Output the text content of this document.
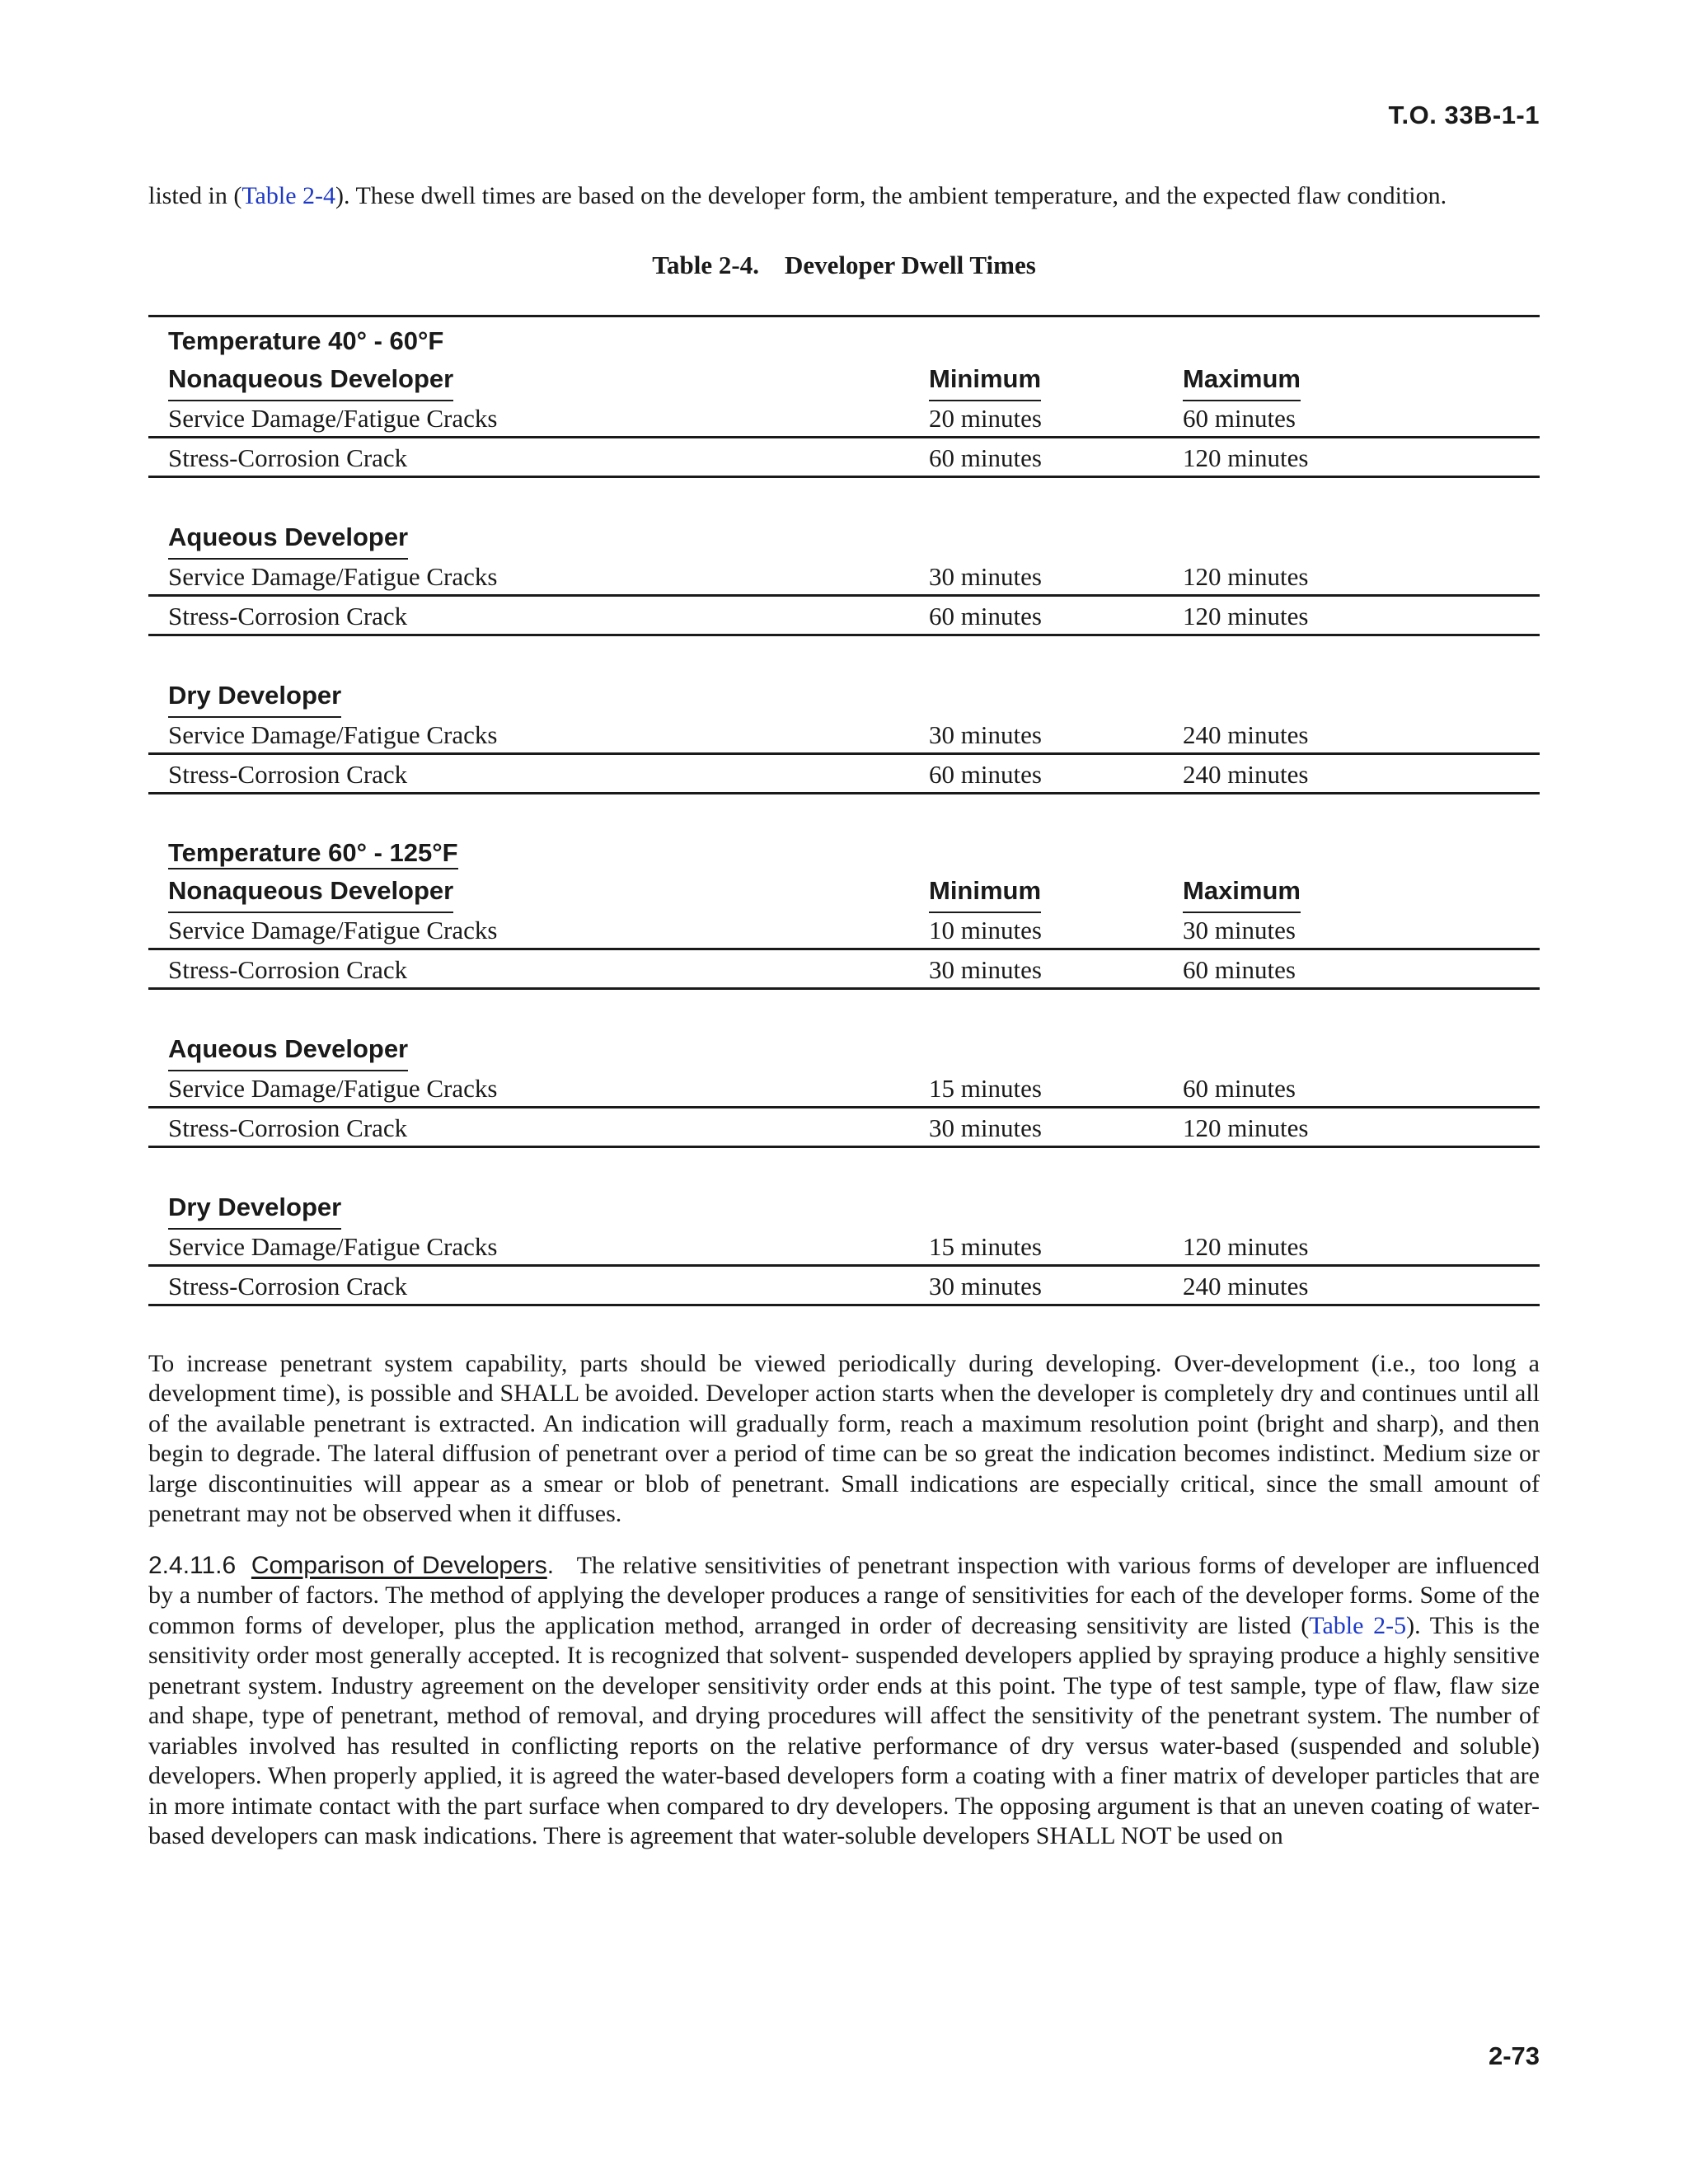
T.O. 33B-1-1

listed in (Table 2-4). These dwell times are based on the developer form, the ambient temperature, and the expected flaw condition.

Table 2-4.    Developer Dwell Times
Temperature 40° - 60°F
Nonaqueous Developer	Minimum	Maximum
Service Damage/Fatigue Cracks	20 minutes	60 minutes
Stress-Corrosion Crack	60 minutes	120 minutes
Aqueous Developer
Service Damage/Fatigue Cracks	30 minutes	120 minutes
Stress-Corrosion Crack	60 minutes	120 minutes
Dry Developer
Service Damage/Fatigue Cracks	30 minutes	240 minutes
Stress-Corrosion Crack	60 minutes	240 minutes
Temperature 60° - 125°F
Nonaqueous Developer	Minimum	Maximum
Service Damage/Fatigue Cracks	10 minutes	30 minutes
Stress-Corrosion Crack	30 minutes	60 minutes
Aqueous Developer
Service Damage/Fatigue Cracks	15 minutes	60 minutes
Stress-Corrosion Crack	30 minutes	120 minutes
Dry Developer
Service Damage/Fatigue Cracks	15 minutes	120 minutes
Stress-Corrosion Crack	30 minutes	240 minutes

To increase penetrant system capability, parts should be viewed periodically during developing. Over-development (i.e., too long a development time), is possible and SHALL be avoided. Developer action starts when the developer is completely dry and continues until all of the available penetrant is extracted. An indication will gradually form, reach a maximum resolution point (bright and sharp), and then begin to degrade. The lateral diffusion of penetrant over a period of time can be so great the indication becomes indistinct. Medium size or large discontinuities will appear as a smear or blob of penetrant. Small indications are especially critical, since the small amount of penetrant may not be observed when it diffuses.

2.4.11.6 Comparison of Developers. The relative sensitivities of penetrant inspection with various forms of developer are influenced by a number of factors. The method of applying the developer produces a range of sensitivities for each of the developer forms. Some of the common forms of developer, plus the application method, arranged in order of decreasing sensitivity are listed (Table 2-5). This is the sensitivity order most generally accepted. It is recognized that solvent- suspended developers applied by spraying produce a highly sensitive penetrant system. Industry agreement on the developer sensitivity order ends at this point. The type of test sample, type of flaw, flaw size and shape, type of penetrant, method of removal, and drying procedures will affect the sensitivity of the penetrant system. The number of variables involved has resulted in conflicting reports on the relative performance of dry versus water-based (suspended and soluble) developers. When properly applied, it is agreed the water-based developers form a coating with a finer matrix of developer particles that are in more intimate contact with the part surface when compared to dry developers. The opposing argument is that an uneven coating of water-based developers can mask indications. There is agreement that water-soluble developers SHALL NOT be used on

2-73
